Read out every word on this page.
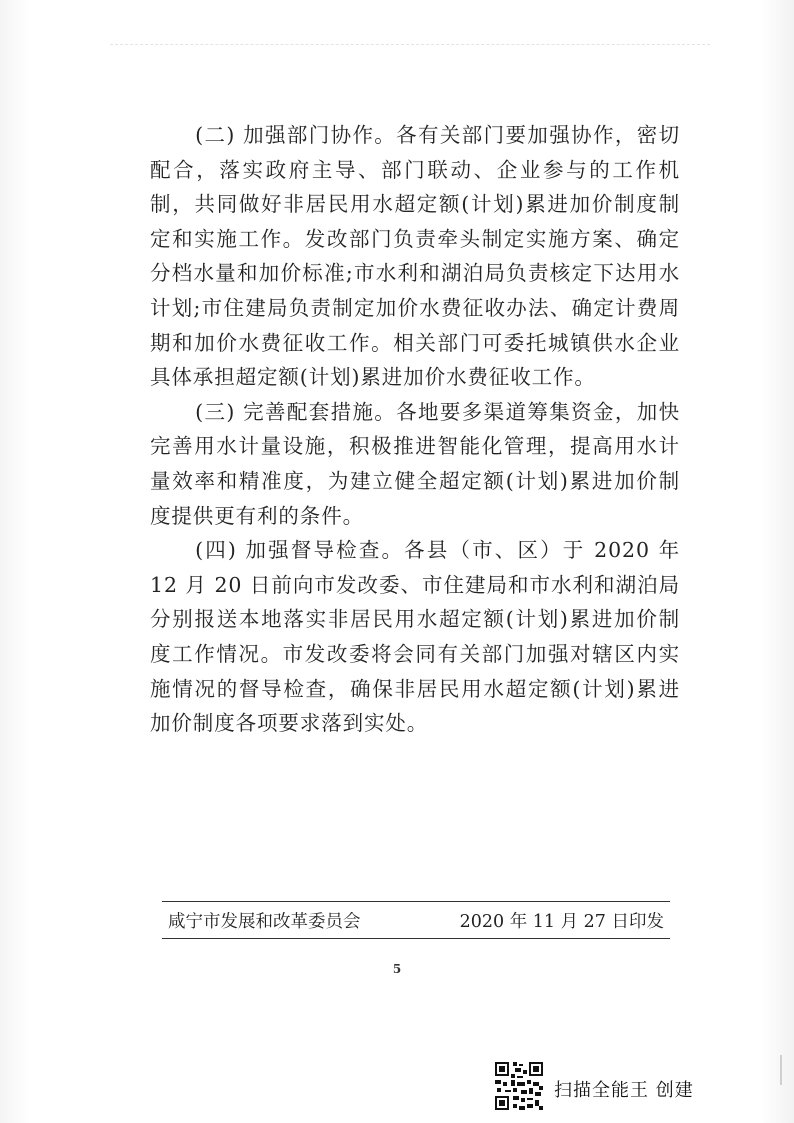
(二) 加强部门协作。各有关部门要加强协作，密切配合，落实政府主导、部门联动、企业参与的工作机制，共同做好非居民用水超定额(计划)累进加价制度制定和实施工作。发改部门负责牵头制定实施方案、确定分档水量和加价标准;市水利和湖泊局负责核定下达用水计划;市住建局负责制定加价水费征收办法、确定计费周期和加价水费征收工作。相关部门可委托城镇供水企业具体承担超定额(计划)累进加价水费征收工作。

(三) 完善配套措施。各地要多渠道筹集资金，加快完善用水计量设施，积极推进智能化管理，提高用水计量效率和精准度，为建立健全超定额(计划)累进加价制度提供更有利的条件。

(四) 加强督导检查。各县（市、区）于 2020 年 12 月 20 日前向市发改委、市住建局和市水利和湖泊局分别报送本地落实非居民用水超定额(计划)累进加价制度工作情况。市发改委将会同有关部门加强对辖区内实施情况的督导检查，确保非居民用水超定额(计划)累进加价制度各项要求落到实处。

咸宁市发展和改革委员会	2020 年 11 月 27 日印发
5
扫描全能王 创建
